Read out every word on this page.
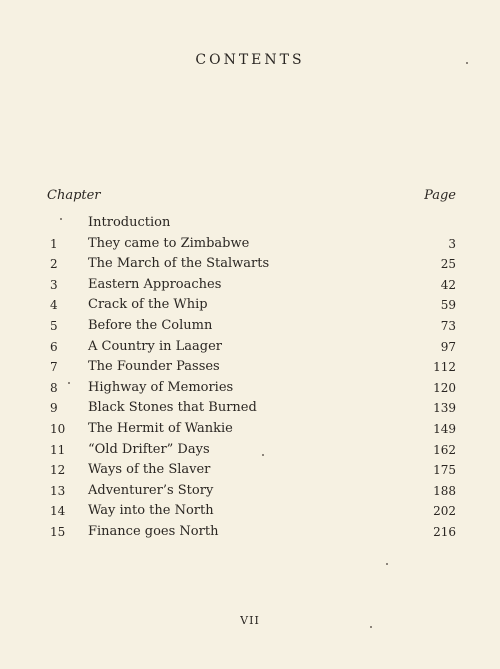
CONTENTS
Chapter	Page
Introduction
1	They came to Zimbabwe	3
2	The March of the Stalwarts	25
3	Eastern Approaches	42
4	Crack of the Whip	59
5	Before the Column	73
6	A Country in Laager	97
7	The Founder Passes	112
8	Highway of Memories	120
9	Black Stones that Burned	139
10	The Hermit of Wankie	149
11	“Old Drifter” Days	162
12	Ways of the Slaver	175
13	Adventurer’s Story	188
14	Way into the North	202
15	Finance goes North	216
VII
